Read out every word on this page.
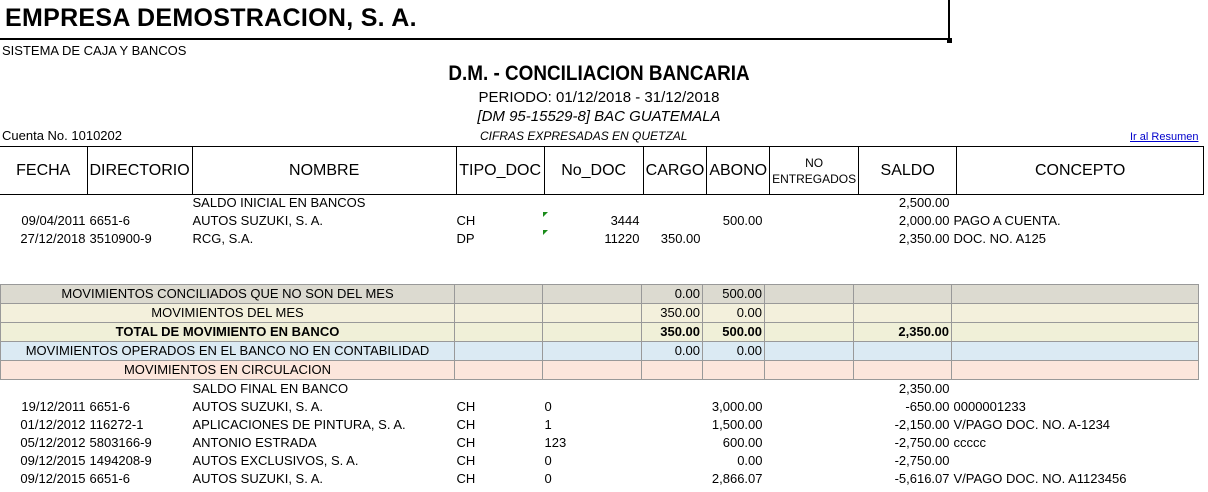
EMPRESA DEMOSTRACION, S. A.
SISTEMA DE CAJA Y BANCOS
D.M. - CONCILIACION BANCARIA
PERIODO: 01/12/2018 - 31/12/2018
[DM 95-15529-8] BAC GUATEMALA
Cuenta No. 1010202	CIFRAS EXPRESADAS EN QUETZAL	Ir al Resumen
FECHA	DIRECTORIO	NOMBRE	TIPO_DOC	No_DOC	CARGO	ABONO	NO ENTREGADOS	SALDO	CONCEPTO
		SALDO INICIAL EN BANCOS						2,500.00	
09/04/2011	6651-6	AUTOS SUZUKI, S. A.	CH	3444		500.00		2,000.00	PAGO A CUENTA.
27/12/2018	3510900-9	RCG, S.A.	DP	11220	350.00			2,350.00	DOC. NO. A125

MOVIMIENTOS CONCILIADOS QUE NO SON DEL MES					0.00	500.00			
MOVIMIENTOS DEL MES					350.00	0.00			
TOTAL DE MOVIMIENTO EN BANCO					350.00	500.00		2,350.00	
MOVIMIENTOS OPERADOS EN EL BANCO NO EN CONTABILIDAD					0.00	0.00			
MOVIMIENTOS EN CIRCULACION									
		SALDO FINAL EN BANCO						2,350.00	
19/12/2011	6651-6	AUTOS SUZUKI, S. A.	CH	0		3,000.00		-650.00	0000001233
01/12/2012	116272-1	APLICACIONES DE PINTURA, S. A.	CH	1		1,500.00		-2,150.00	V/PAGO DOC. NO. A-1234
05/12/2012	5803166-9	ANTONIO ESTRADA	CH	123		600.00		-2,750.00	ccccc
09/12/2015	1494208-9	AUTOS EXCLUSIVOS, S. A.	CH	0		0.00		-2,750.00	
09/12/2015	6651-6	AUTOS SUZUKI, S. A.	CH	0		2,866.07		-5,616.07	V/PAGO DOC. NO. A1123456
